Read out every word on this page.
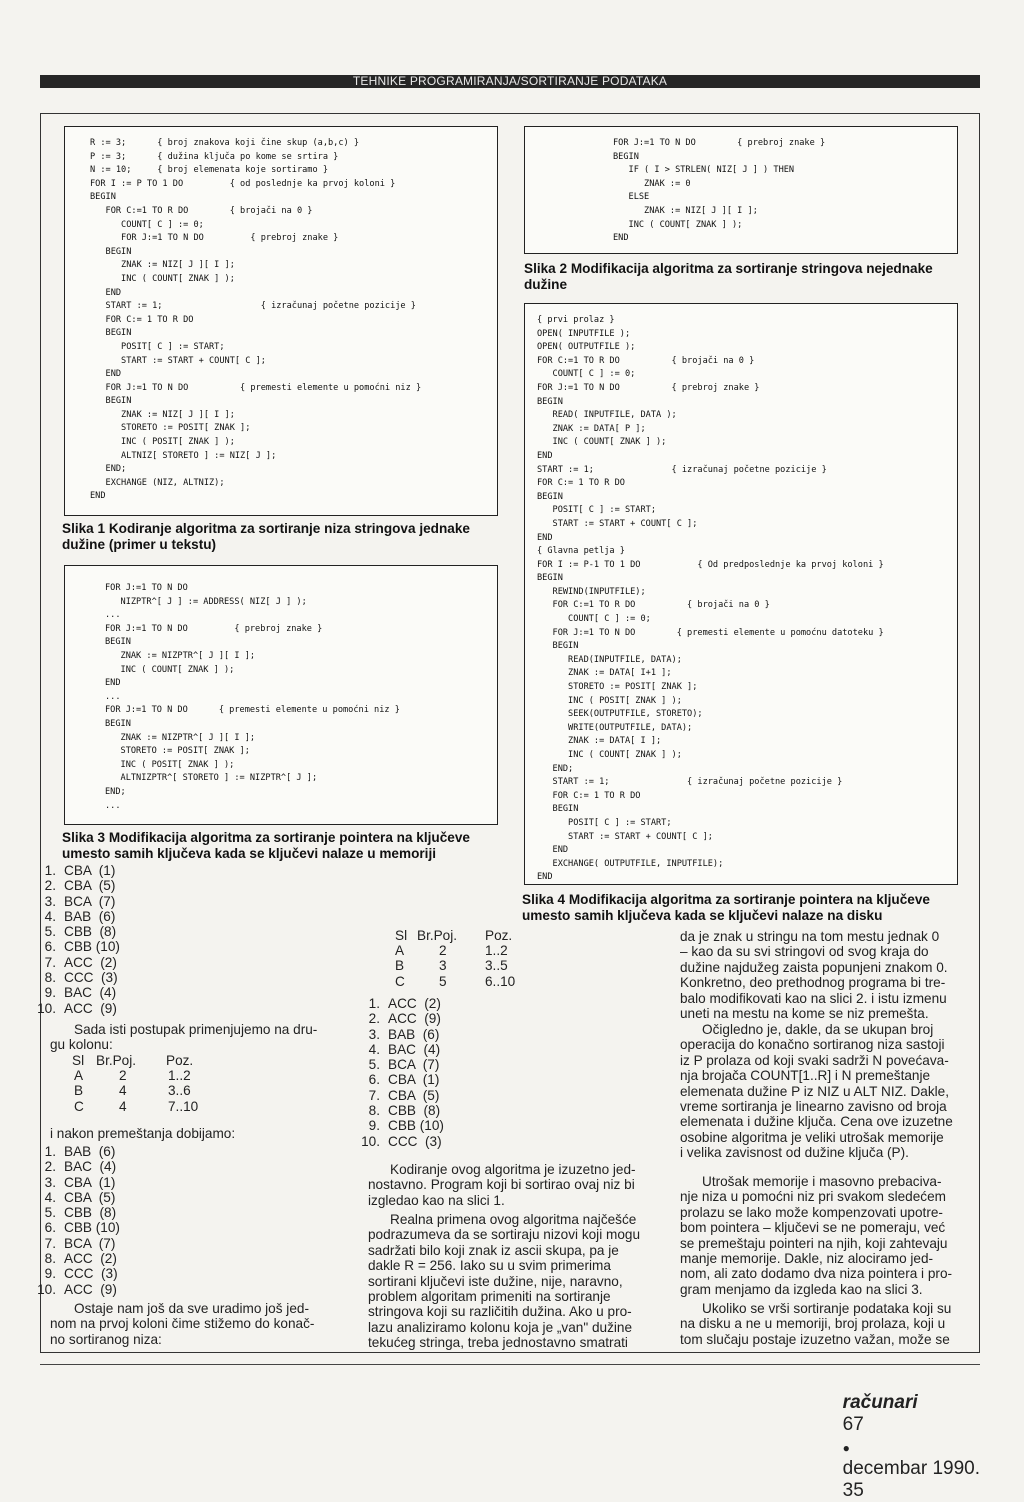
TEHNIKE PROGRAMIRANJA/SORTIRANJE PODATAKA
R := 3;      { broj znakova koji čine skup (a,b,c) }
P := 3;      { dužina ključa po kome se srtira }
N := 10;     { broj elemenata koje sortiramo }
FOR I := P TO 1 DO         { od poslednje ka prvoj koloni }
BEGIN
FOR C:=1 TO R DO        { brojači na 0 }
COUNT[ C ] := 0;
FOR J:=1 TO N DO         { prebroj znake }
BEGIN
ZNAK := NIZ[ J ][ I ];
INC ( COUNT[ ZNAK ] );
END
START := 1;                   { izračunaj početne pozicije }
FOR C:= 1 TO R DO
BEGIN
POSIT[ C ] := START;
START := START + COUNT[ C ];
END
FOR J:=1 TO N DO          { premesti elemente u pomoćni niz }
BEGIN
ZNAK := NIZ[ J ][ I ];
STORETO := POSIT[ ZNAK ];
INC ( POSIT[ ZNAK ] );
ALTNIZ[ STORETO ] := NIZ[ J ];
END;
EXCHANGE (NIZ, ALTNIZ);
END
Slika 1 Kodiranje algoritma za sortiranje niza stringova jednake
dužine (primer u tekstu)
FOR J:=1 TO N DO        { prebroj znake }
BEGIN
IF ( I > STRLEN( NIZ[ J ] ) THEN
ZNAK := 0
ELSE
ZNAK := NIZ[ J ][ I ];
INC ( COUNT[ ZNAK ] );
END
Slika 2 Modifikacija algoritma za sortiranje stringova nejednake
dužine
FOR J:=1 TO N DO
NIZPTR^[ J ] := ADDRESS( NIZ[ J ] );
...
FOR J:=1 TO N DO         { prebroj znake }
BEGIN
ZNAK := NIZPTR^[ J ][ I ];
INC ( COUNT[ ZNAK ] );
END
...
FOR J:=1 TO N DO      { premesti elemente u pomoćni niz }
BEGIN
ZNAK := NIZPTR^[ J ][ I ];
STORETO := POSIT[ ZNAK ];
INC ( POSIT[ ZNAK ] );
ALTNIZPTR^[ STORETO ] := NIZPTR^[ J ];
END;
...
Slika 3 Modifikacija algoritma za sortiranje pointera na ključeve
umesto samih ključeva kada se ključevi nalaze u memoriji
{ prvi prolaz }
OPEN( INPUTFILE );
OPEN( OUTPUTFILE );
FOR C:=1 TO R DO          { brojači na 0 }
COUNT[ C ] := 0;
FOR J:=1 TO N DO          { prebroj znake }
BEGIN
READ( INPUTFILE, DATA );
ZNAK := DATA[ P ];
INC ( COUNT[ ZNAK ] );
END
START := 1;               { izračunaj početne pozicije }
FOR C:= 1 TO R DO
BEGIN
POSIT[ C ] := START;
START := START + COUNT[ C ];
END
{ Glavna petlja }
FOR I := P-1 TO 1 DO           { Od predposlednje ka prvoj koloni }
BEGIN
REWIND(INPUTFILE);
FOR C:=1 TO R DO          { brojači na 0 }
COUNT[ C ] := 0;
FOR J:=1 TO N DO        { premesti elemente u pomoćnu datoteku }
BEGIN
READ(INPUTFILE, DATA);
ZNAK := DATA[ I+1 ];
STORETO := POSIT[ ZNAK ];
INC ( POSIT[ ZNAK ] );
SEEK(OUTPUTFILE, STORETO);
WRITE(OUTPUTFILE, DATA);
ZNAK := DATA[ I ];
INC ( COUNT[ ZNAK ] );
END;
START := 1;               { izračunaj početne pozicije }
FOR C:= 1 TO R DO
BEGIN
POSIT[ C ] := START;
START := START + COUNT[ C ];
END
EXCHANGE( OUTPUTFILE, INPUTFILE);
END
Slika 4 Modifikacija algoritma za sortiranje pointera na ključeve
umesto samih ključeva kada se ključevi nalaze na disku
1. CBA  (1)
2. CBA  (5)
3. BCA  (7)
4. BAB  (6)
5. CBB  (8)
6. CBB (10)
7. ACC  (2)
8. CCC  (3)
9. BAC  (4)
10. ACC  (9)
Sada isti postupak primenjujemo na dru-
gu kolonu:
Sl Br.Poj. Poz.
A	2	1..2
B	4	3..6
C	4	7..10
i nakon premeštanja dobijamo:
1. BAB  (6)
2. BAC  (4)
3. CBA  (1)
4. CBA  (5)
5. CBB  (8)
6. CBB (10)
7. BCA  (7)
8. ACC  (2)
9. CCC  (3)
10. ACC  (9)
Ostaje nam još da sve uradimo još jed-
nom na prvoj koloni čime stižemo do konač-
no sortiranog niza:
Sl Br.Poj. Poz.
A	2	1..2
B	3	3..5
C	5	6..10
1. ACC  (2)
2. ACC  (9)
3. BAB  (6)
4. BAC  (4)
5. BCA  (7)
6. CBA  (1)
7. CBA  (5)
8. CBB  (8)
9. CBB (10)
10. CCC  (3)
Kodiranje ovog algoritma je izuzetno jed-
nostavno. Program koji bi sortirao ovaj niz bi
izgledao kao na slici 1.
Realna primena ovog algoritma najčešće
podrazumeva da se sortiraju nizovi koji mogu
sadržati bilo koji znak iz ascii skupa, pa je
dakle R = 256. Iako su u svim primerima
sortirani ključevi iste dužine, nije, naravno,
problem algoritam primeniti na sortiranje
stringova koji su različitih dužina. Ako u pro-
lazu analiziramo kolonu koja je „van" dužine
tekućeg stringa, treba jednostavno smatrati
da je znak u stringu na tom mestu jednak 0
– kao da su svi stringovi od svog kraja do
dužine najdužeg zaista popunjeni znakom 0.
Konkretno, deo prethodnog programa bi tre-
balo modifikovati kao na slici 2. i istu izmenu
uneti na mestu na kome se niz premešta.
Očigledno je, dakle, da se ukupan broj
operacija do konačno sortiranog niza sastoji
iz P prolaza od koji svaki sadrži N povećava-
nja brojača COUNT[1..R] i N premeštanje
elemenata dužine P iz NIZ u ALT NIZ. Dakle,
vreme sortiranja je linearno zavisno od broja
elemenata i dužine ključa. Cena ove izuzetne
osobine algoritma je veliki utrošak memorije
i velika zavisnost od dužine ključa (P).
Utrošak memorije i masovno prebaciva-
nje niza u pomoćni niz pri svakom sledećem
prolazu se lako može kompenzovati upotre-
bom pointera – ključevi se ne pomeraju, već
se premeštaju pointeri na njih, koji zahtevaju
manje memorije. Dakle, niz alociramo jed-
nom, ali zato dodamo dva niza pointera i pro-
gram menjamo da izgleda kao na slici 3.
Ukoliko se vrši sortiranje podataka koji su
na disku a ne u memoriji, broj prolaza, koji u
tom slučaju postaje izuzetno važan, može se

računari
67
●
decembar 1990.
35
